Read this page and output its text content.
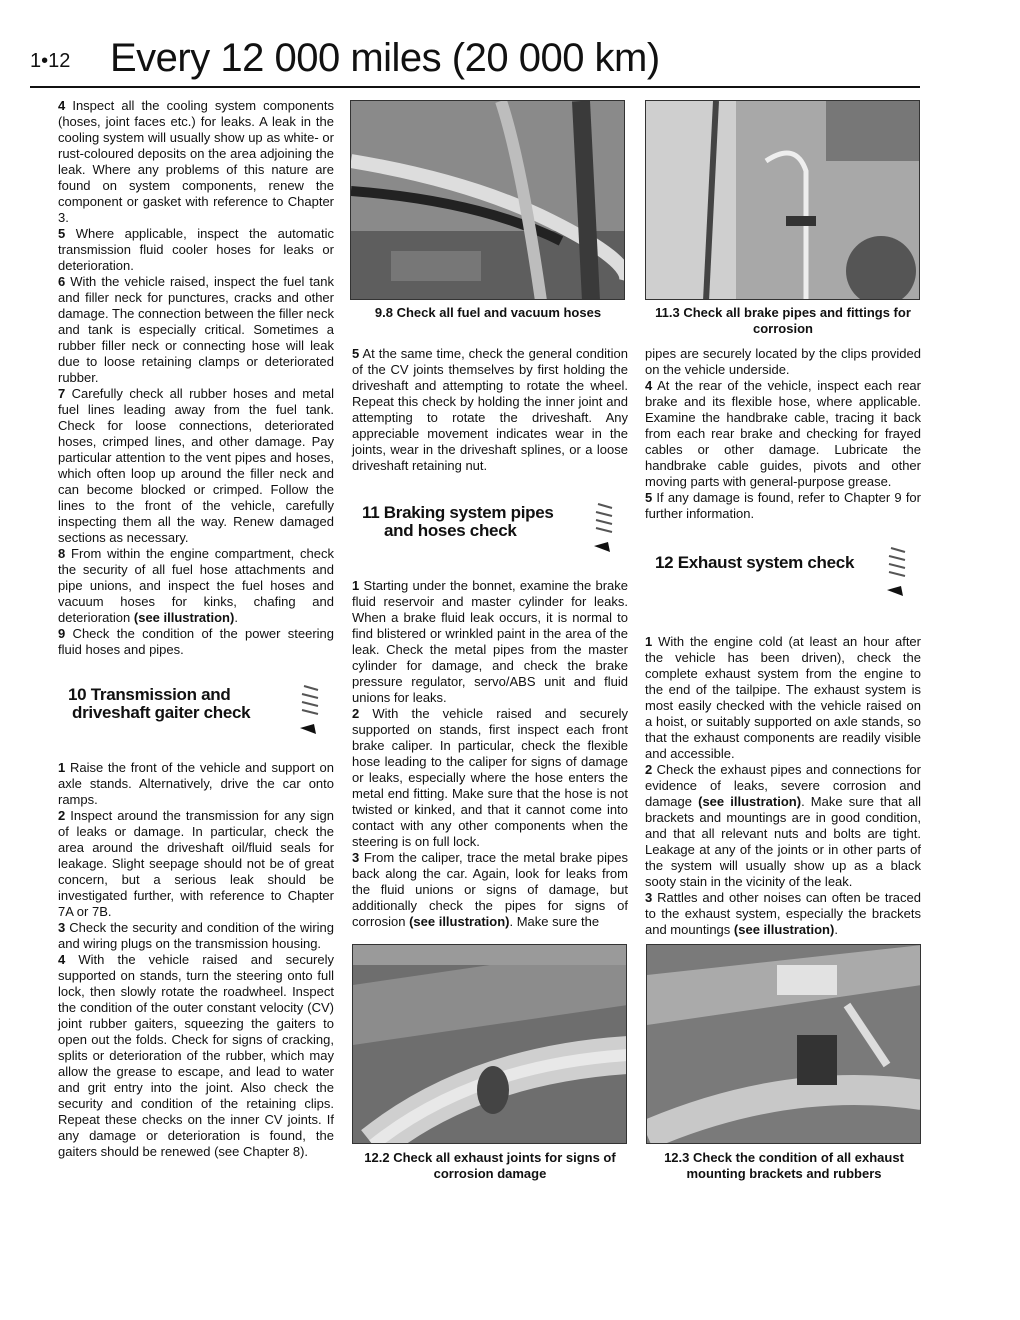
1•12 Every 12 000 miles (20 000 km)

4 Inspect all the cooling system components (hoses, joint faces etc.) for leaks. A leak in the cooling system will usually show up as white- or rust-coloured deposits on the area adjoining the leak. Where any problems of this nature are found on system components, renew the component or gasket with reference to Chapter 3.

5 Where applicable, inspect the automatic transmission fluid cooler hoses for leaks or deterioration.

6 With the vehicle raised, inspect the fuel tank and filler neck for punctures, cracks and other damage. The connection between the filler neck and tank is especially critical. Sometimes a rubber filler neck or connecting hose will leak due to loose retaining clamps or deteriorated rubber.

7 Carefully check all rubber hoses and metal fuel lines leading away from the fuel tank. Check for loose connections, deteriorated hoses, crimped lines, and other damage. Pay particular attention to the vent pipes and hoses, which often loop up around the filler neck and can become blocked or crimped. Follow the lines to the front of the vehicle, carefully inspecting them all the way. Renew damaged sections as necessary.

8 From within the engine compartment, check the security of all fuel hose attachments and pipe unions, and inspect the fuel hoses and vacuum hoses for kinks, chafing and deterioration (see illustration).

9 Check the condition of the power steering fluid hoses and pipes.

10 Transmission and
driveshaft gaiter check

1 Raise the front of the vehicle and support on axle stands. Alternatively, drive the car onto ramps.

2 Inspect around the transmission for any sign of leaks or damage. In particular, check the area around the driveshaft oil/fluid seals for leakage. Slight seepage should not be of great concern, but a serious leak should be investigated further, with reference to Chapter 7A or 7B.

3 Check the security and condition of the wiring and wiring plugs on the transmission housing.

4 With the vehicle raised and securely supported on stands, turn the steering onto full lock, then slowly rotate the roadwheel. Inspect the condition of the outer constant velocity (CV) joint rubber gaiters, squeezing the gaiters to open out the folds. Check for signs of cracking, splits or deterioration of the rubber, which may allow the grease to escape, and lead to water and grit entry into the joint. Also check the security and condition of the retaining clips. Repeat these checks on the inner CV joints. If any damage or deterioration is found, the gaiters should be renewed (see Chapter 8).

9.8 Check all fuel and vacuum hoses	11.3 Check all brake pipes and fittings for corrosion

5 At the same time, check the general condition of the CV joints themselves by first holding the driveshaft and attempting to rotate the wheel. Repeat this check by holding the inner joint and attempting to rotate the driveshaft. Any appreciable movement indicates wear in the joints, wear in the driveshaft splines, or a loose driveshaft retaining nut.

11 Braking system pipes
and hoses check

1 Starting under the bonnet, examine the brake fluid reservoir and master cylinder for leaks. When a brake fluid leak occurs, it is normal to find blistered or wrinkled paint in the area of the leak. Check the metal pipes from the master cylinder for damage, and check the brake pressure regulator, servo/ABS unit and fluid unions for leaks.

2 With the vehicle raised and securely supported on stands, first inspect each front brake caliper. In particular, check the flexible hose leading to the caliper for signs of damage or leaks, especially where the hose enters the metal end fitting. Make sure that the hose is not twisted or kinked, and that it cannot come into contact with any other components when the steering is on full lock.

3 From the caliper, trace the metal brake pipes back along the car. Again, look for leaks from the fluid unions or signs of damage, but additionally check the pipes for signs of corrosion (see illustration). Make sure the

pipes are securely located by the clips provided on the vehicle underside.

4 At the rear of the vehicle, inspect each rear brake and its flexible hose, where applicable. Examine the handbrake cable, tracing it back from each rear brake and checking for frayed cables or other damage. Lubricate the handbrake cable guides, pivots and other moving parts with general-purpose grease.

5 If any damage is found, refer to Chapter 9 for further information.

12 Exhaust system check

1 With the engine cold (at least an hour after the vehicle has been driven), check the complete exhaust system from the engine to the end of the tailpipe. The exhaust system is most easily checked with the vehicle raised on a hoist, or suitably supported on axle stands, so that the exhaust components are readily visible and accessible.

2 Check the exhaust pipes and connections for evidence of leaks, severe corrosion and damage (see illustration). Make sure that all brackets and mountings are in good condition, and that all relevant nuts and bolts are tight. Leakage at any of the joints or in other parts of the system will usually show up as a black sooty stain in the vicinity of the leak.

3 Rattles and other noises can often be traced to the exhaust system, especially the brackets and mountings (see illustration).

12.2 Check all exhaust joints for signs of corrosion damage
12.3 Check the condition of all exhaust mounting brackets and rubbers
